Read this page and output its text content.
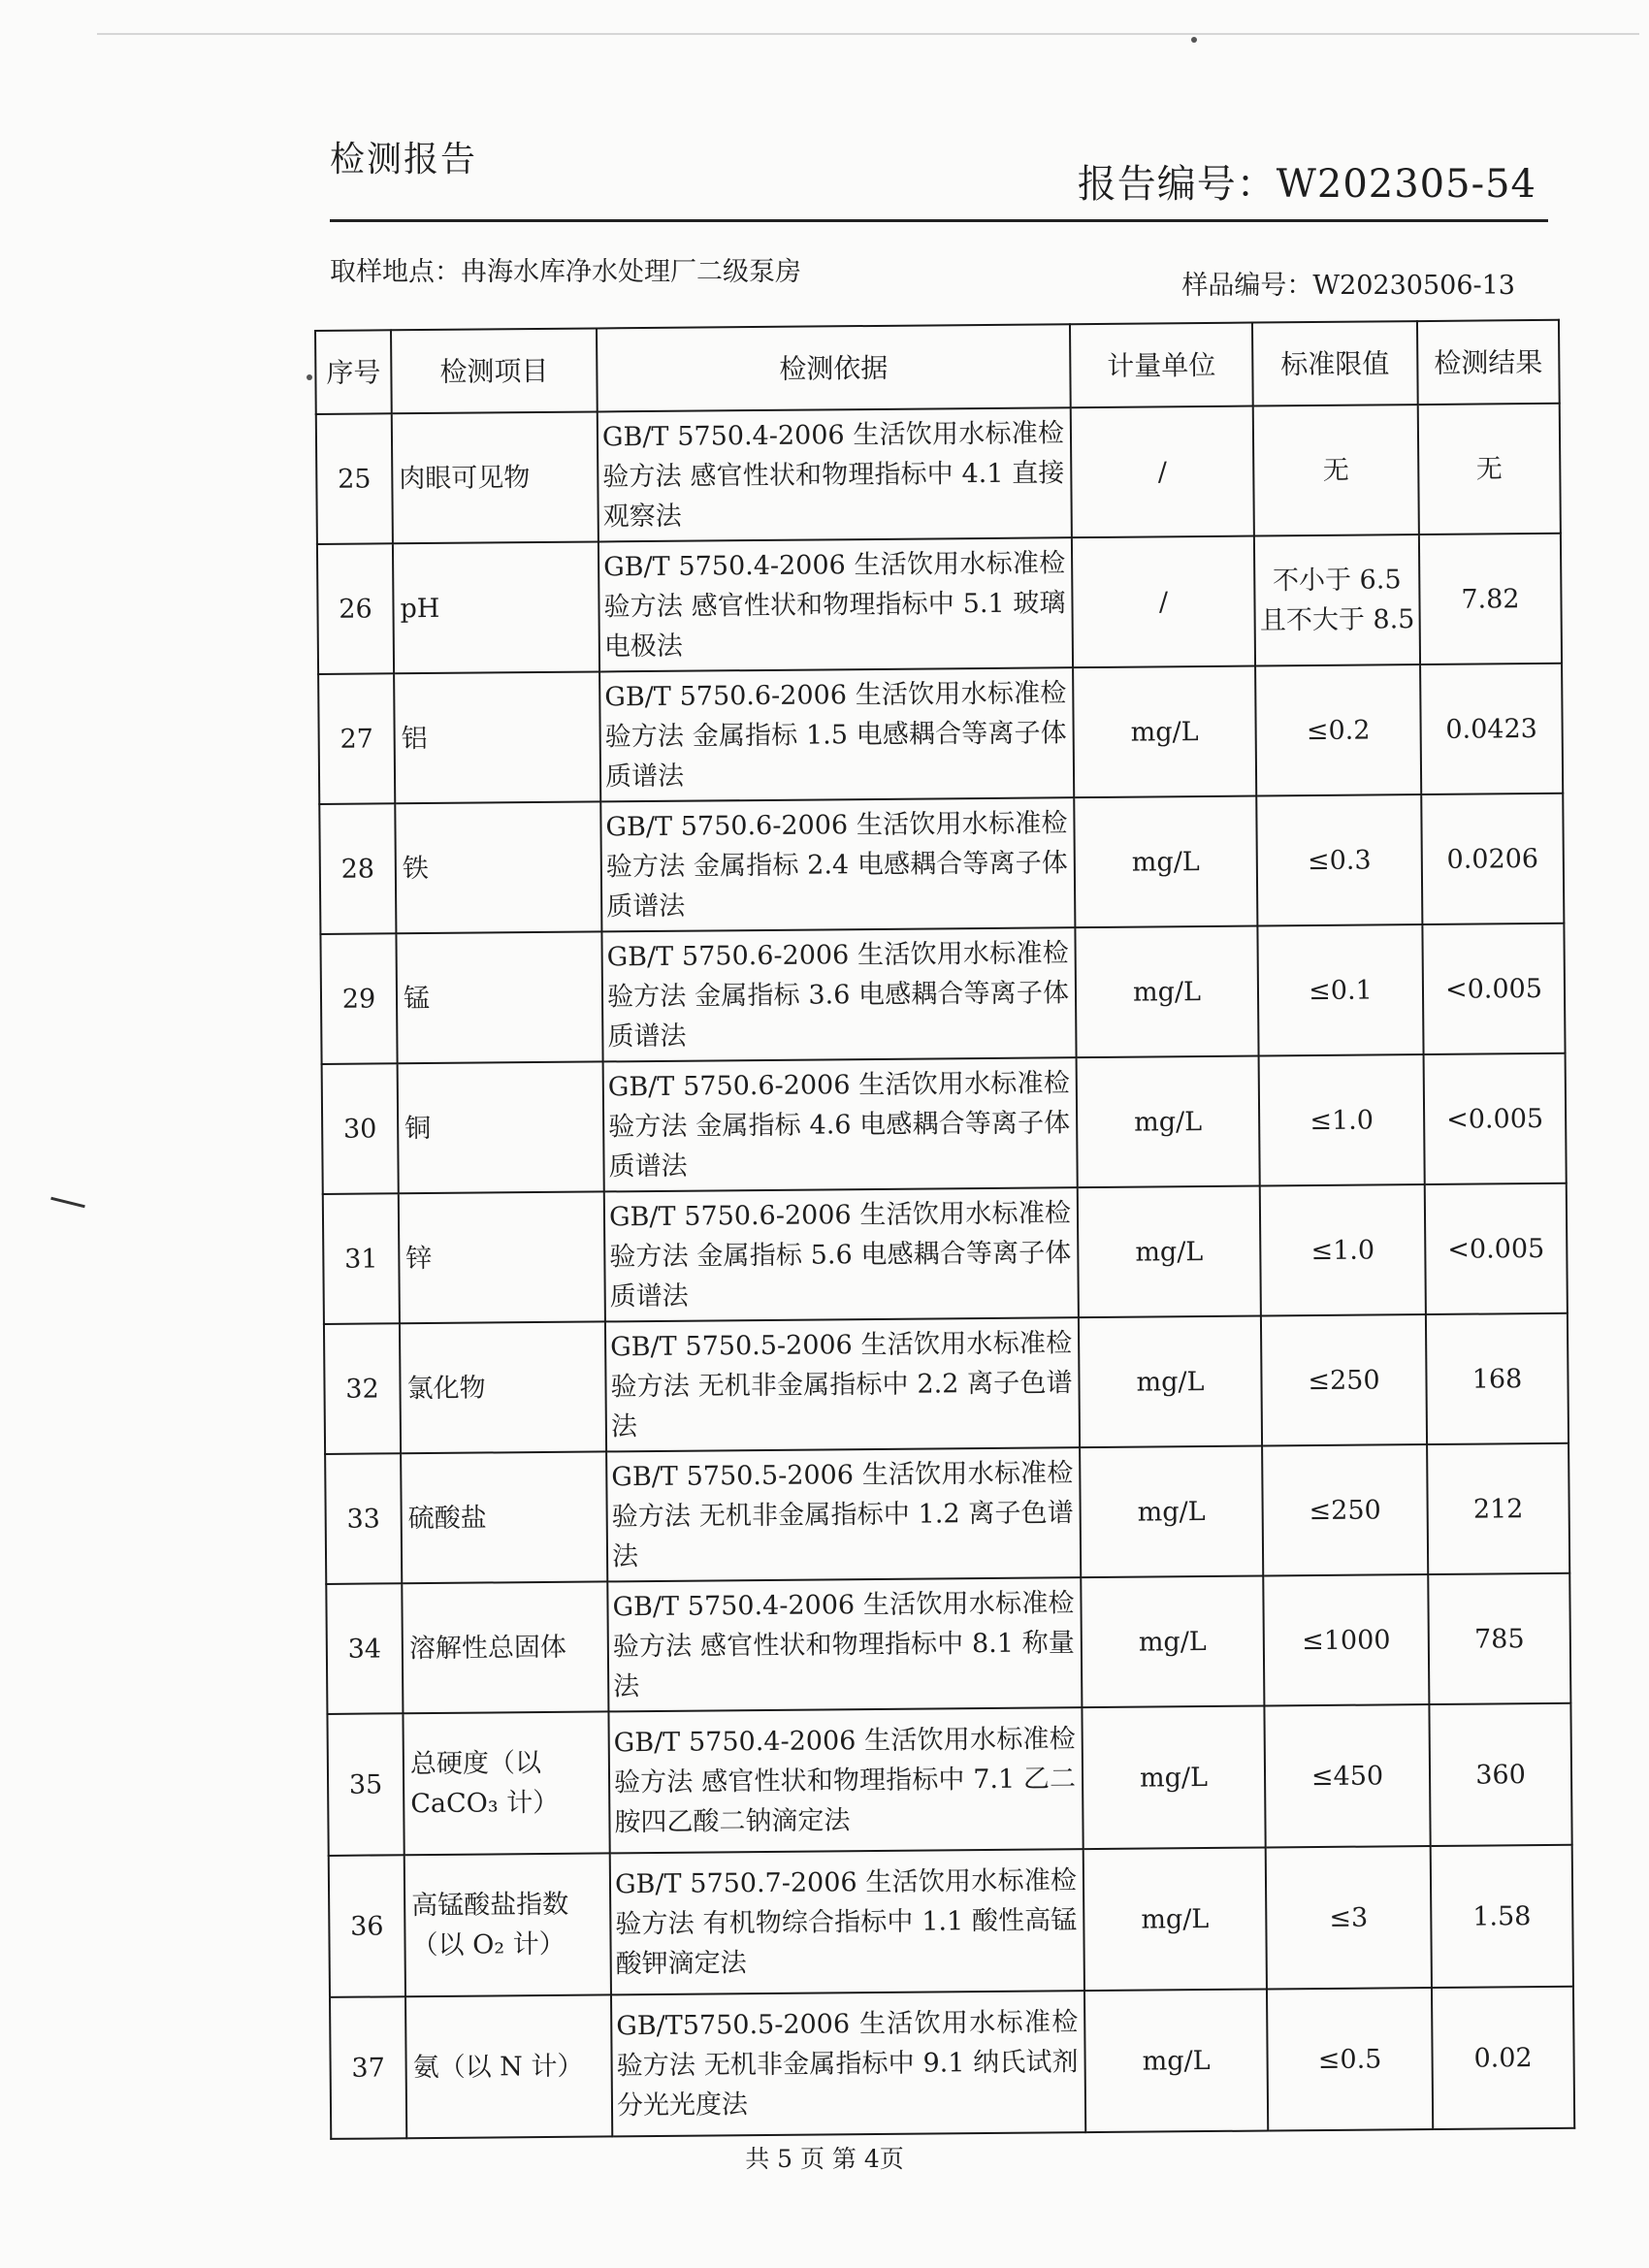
检测报告
报告编号：W202305-54
取样地点：冉海水库净水处理厂二级泵房	样品编号：W20230506-13
序号	检测项目	检测依据	计量单位	标准限值	检测结果
25	肉眼可见物	GB/T 5750.4-2006 生活饮用水标准检验方法 感官性状和物理指标中 4.1 直接观察法	/	无	无
26	pH	GB/T 5750.4-2006 生活饮用水标准检验方法 感官性状和物理指标中 5.1 玻璃电极法	/	不小于 6.5 且不大于 8.5	7.82
27	铝	GB/T 5750.6-2006 生活饮用水标准检验方法 金属指标 1.5 电感耦合等离子体质谱法	mg/L	≤0.2	0.0423
28	铁	GB/T 5750.6-2006 生活饮用水标准检验方法 金属指标 2.4 电感耦合等离子体质谱法	mg/L	≤0.3	0.0206
29	锰	GB/T 5750.6-2006 生活饮用水标准检验方法 金属指标 3.6 电感耦合等离子体质谱法	mg/L	≤0.1	<0.005
30	铜	GB/T 5750.6-2006 生活饮用水标准检验方法 金属指标 4.6 电感耦合等离子体质谱法	mg/L	≤1.0	<0.005
31	锌	GB/T 5750.6-2006 生活饮用水标准检验方法 金属指标 5.6 电感耦合等离子体质谱法	mg/L	≤1.0	<0.005
32	氯化物	GB/T 5750.5-2006 生活饮用水标准检验方法 无机非金属指标中 2.2 离子色谱法	mg/L	≤250	168
33	硫酸盐	GB/T 5750.5-2006 生活饮用水标准检验方法 无机非金属指标中 1.2 离子色谱法	mg/L	≤250	212
34	溶解性总固体	GB/T 5750.4-2006 生活饮用水标准检验方法 感官性状和物理指标中 8.1 称量法	mg/L	≤1000	785
35	总硬度（以 CaCO₃ 计）	GB/T 5750.4-2006 生活饮用水标准检验方法 感官性状和物理指标中 7.1 乙二胺四乙酸二钠滴定法	mg/L	≤450	360
36	高锰酸盐指数（以 O₂ 计）	GB/T 5750.7-2006 生活饮用水标准检验方法 有机物综合指标中 1.1 酸性高锰酸钾滴定法	mg/L	≤3	1.58
37	氨（以 N 计）	GB/T5750.5-2006 生活饮用水标准检验方法 无机非金属指标中 9.1 纳氏试剂分光光度法	mg/L	≤0.5	0.02
共 5 页 第 4页
